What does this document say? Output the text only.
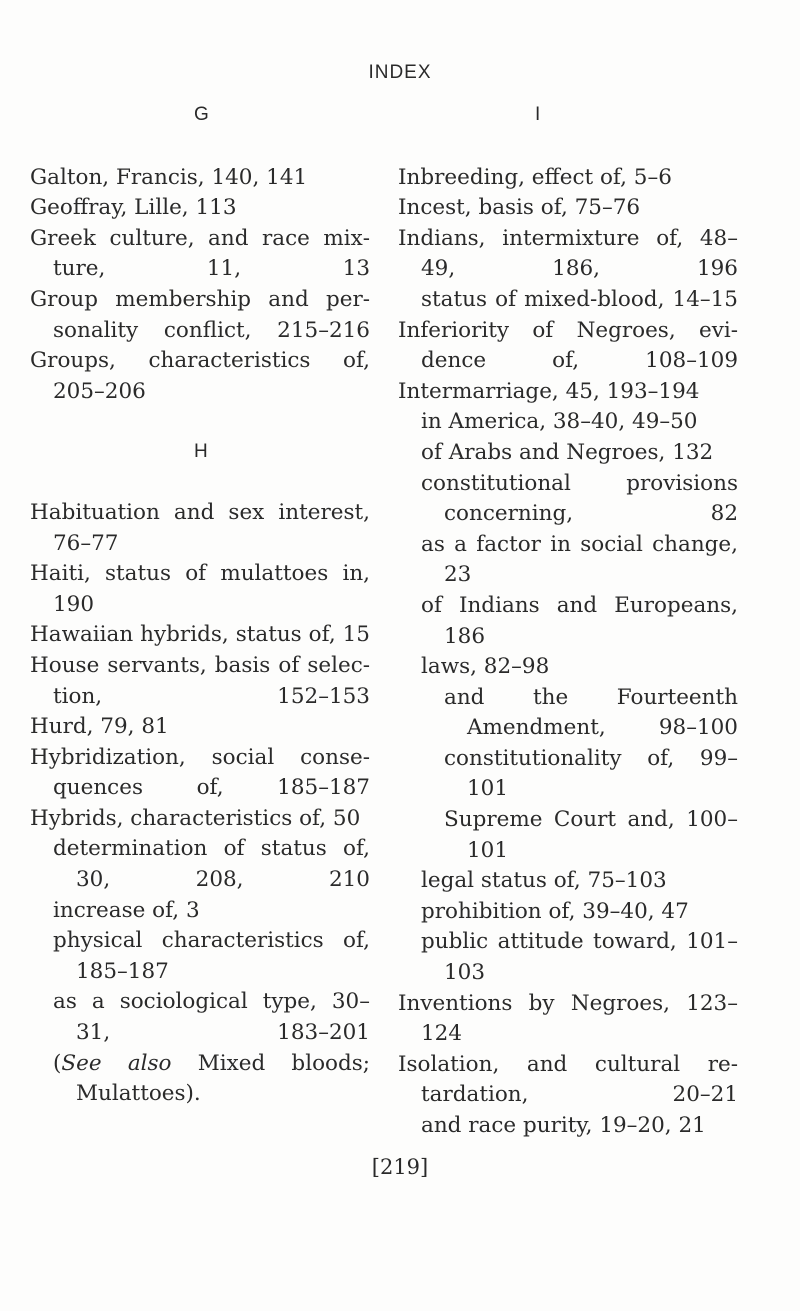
INDEX
G
Galton, Francis, 140, 141
Geoffray, Lille, 113
Greek culture, and race mixture, 11, 13
Group membership and personality conflict, 215–216
Groups, characteristics of, 205–206
H
Habituation and sex interest, 76–77
Haiti, status of mulattoes in, 190
Hawaiian hybrids, status of, 15
House servants, basis of selection, 152–153
Hurd, 79, 81
Hybridization, social consequences of, 185–187
Hybrids, characteristics of, 50
determination of status of, 30, 208, 210
increase of, 3
physical characteristics of, 185–187
as a sociological type, 30–31, 183–201
(See also Mixed bloods; Mulattoes).
I
Inbreeding, effect of, 5–6
Incest, basis of, 75–76
Indians, intermixture of, 48–49, 186, 196
status of mixed-blood, 14–15
Inferiority of Negroes, evidence of, 108–109
Intermarriage, 45, 193–194
in America, 38–40, 49–50
of Arabs and Negroes, 132
constitutional provisions concerning, 82
as a factor in social change, 23
of Indians and Europeans, 186
laws, 82–98
and the Fourteenth Amendment, 98–100
constitutionality of, 99–101
Supreme Court and, 100–101
legal status of, 75–103
prohibition of, 39–40, 47
public attitude toward, 101–103
Inventions by Negroes, 123–124
Isolation, and cultural retardation, 20–21
and race purity, 19–20, 21
[219]
